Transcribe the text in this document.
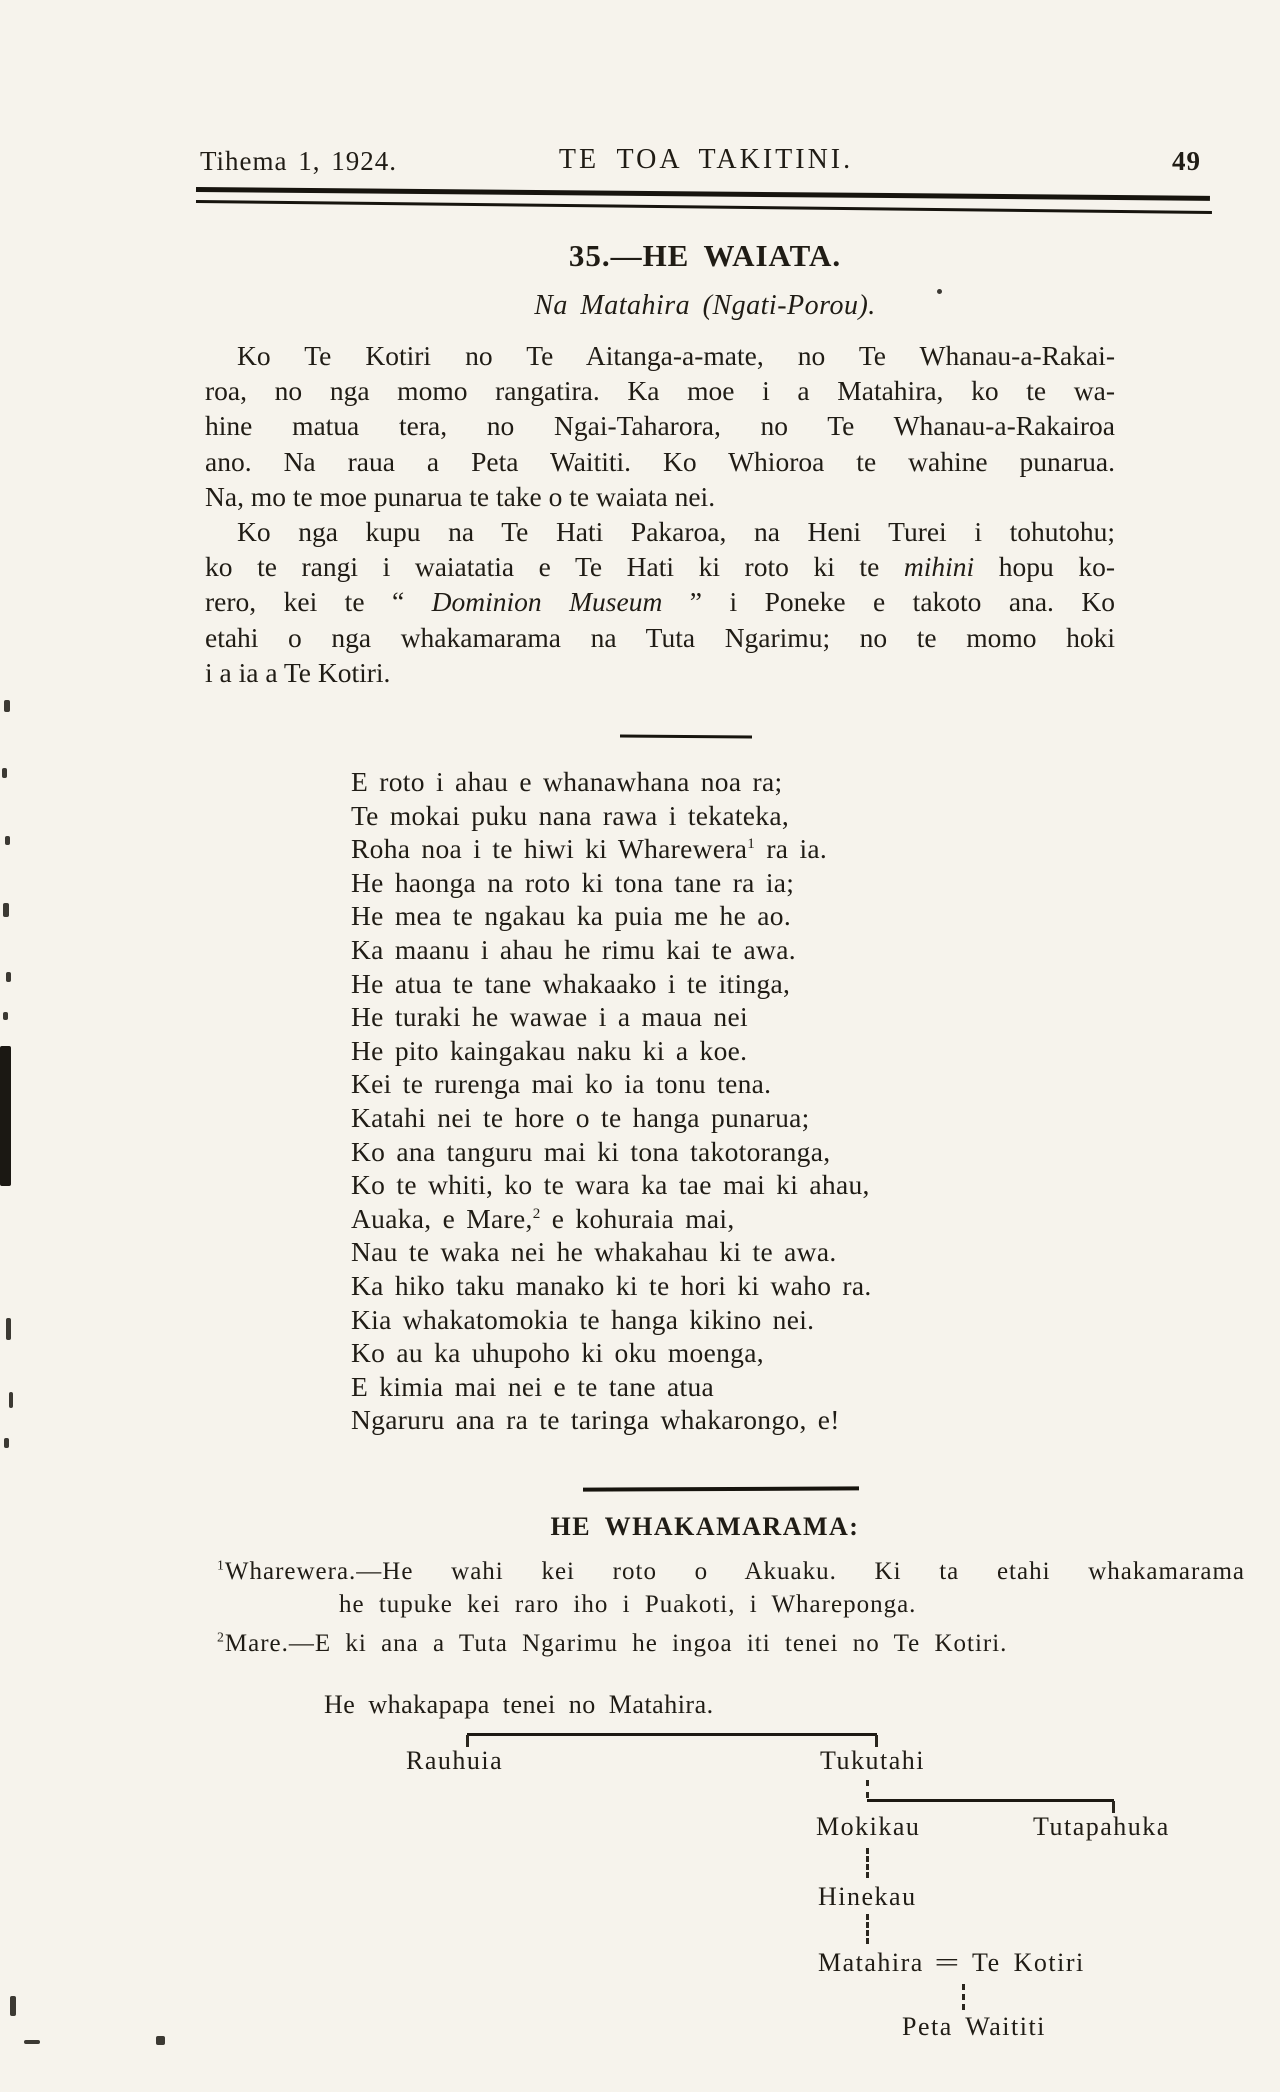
Tihema 1, 1924.	TE TOA TAKITINI.	49
35.—HE WAIATA.
Na Matahira (Ngati-Porou).
Ko Te Kotiri no Te Aitanga-a-mate, no Te Whanau-a-Rakai-
roa, no nga momo rangatira. Ka moe i a Matahira, ko te wa-
hine matua tera, no Ngai-Taharora, no Te Whanau-a-Rakairoa
ano. Na raua a Peta Waititi. Ko Whioroa te wahine punarua.
Na, mo te moe punarua te take o te waiata nei.
Ko nga kupu na Te Hati Pakaroa, na Heni Turei i tohutohu;
ko te rangi i waiatatia e Te Hati ki roto ki te mihini hopu ko-
rero, kei te “ Dominion Museum ” i Poneke e takoto ana. Ko
etahi o nga whakamarama na Tuta Ngarimu; no te momo hoki
i a ia a Te Kotiri.
E roto i ahau e whanawhana noa ra;
Te mokai puku nana rawa i tekateka,
Roha noa i te hiwi ki Wharewera$^1$ ra ia.
He haonga na roto ki tona tane ra ia;
He mea te ngakau ka puia me he ao.
Ka maanu i ahau he rimu kai te awa.
He atua te tane whakaako i te itinga,
He turaki he wawae i a maua nei
He pito kaingakau naku ki a koe.
Kei te rurenga mai ko ia tonu tena.
Katahi nei te hore o te hanga punarua;
Ko ana tanguru mai ki tona takotoranga,
Ko te whiti, ko te wara ka tae mai ki ahau,
Auaka, e Mare,$^2$ e kohuraia mai,
Nau te waka nei he whakahau ki te awa.
Ka hiko taku manako ki te hori ki waho ra.
Kia whakatomokia te hanga kikino nei.
Ko au ka uhupoho ki oku moenga,
E kimia mai nei e te tane atua
Ngaruru ana ra te taringa whakarongo, e!
HE WHAKAMARAMA:
$^1$Wharewera.—He wahi kei roto o Akuaku. Ki ta etahi whakamarama
he tupuke kei raro iho i Puakoti, i Whareponga.
$^2$Mare.—E ki ana a Tuta Ngarimu he ingoa iti tenei no Te Kotiri.
He whakapapa tenei no Matahira.
Rauhuia	Tukutahi
Mokikau	Tutapahuka
Hinekau
Matahira = Te Kotiri
Peta Waititi
